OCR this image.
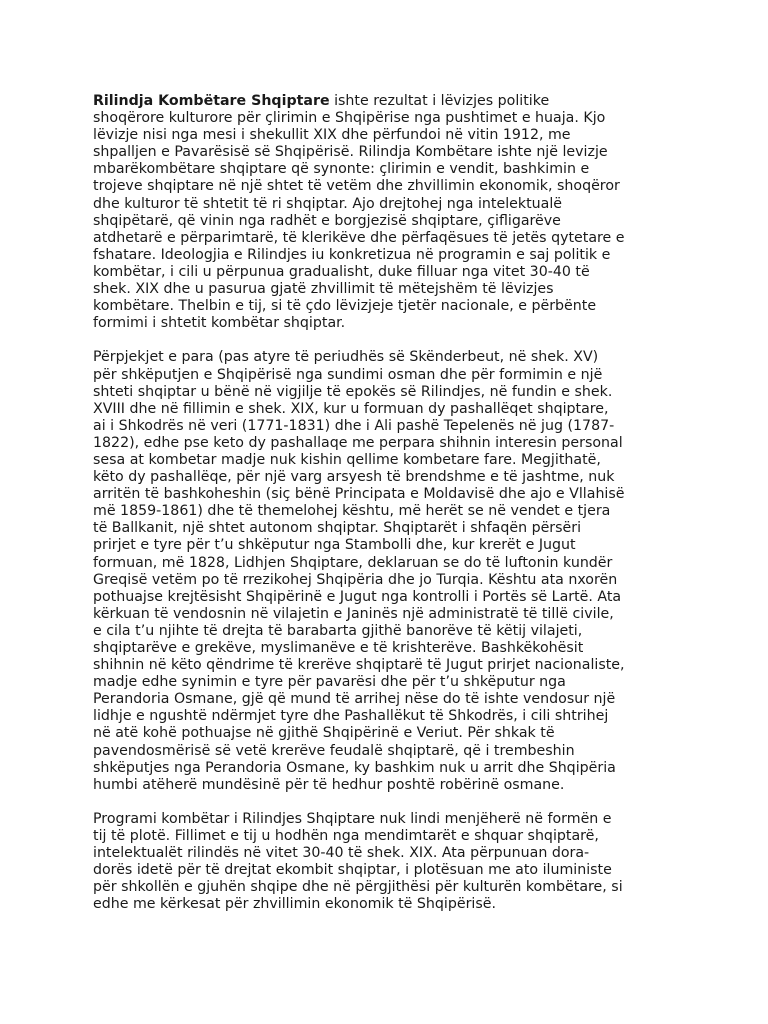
Rilindja Kombëtare Shqiptare ishte rezultat i lëvizjes politike
shoqërore kulturore për çlirimin e Shqipërise nga pushtimet e huaja. Kjo
lëvizje nisi nga mesi i shekullit XIX dhe përfundoi në vitin 1912, me
shpalljen e Pavarësisë së Shqipërisë. Rilindja Kombëtare ishte një levizje
mbarëkombëtare shqiptare që synonte: çlirimin e vendit, bashkimin e
trojeve shqiptare në një shtet të vetëm dhe zhvillimin ekonomik, shoqëror
dhe kulturor të shtetit të ri shqiptar. Ajo drejtohej nga intelektualë
shqipëtarë, që vinin nga radhët e borgjezisë shqiptare, çifligarëve
atdhetarë e përparimtarë, të klerikëve dhe përfaqësues të jetës qytetare e
fshatare. Ideologjia e Rilindjes iu konkretizua në programin e saj politik e
kombëtar, i cili u përpunua gradualisht, duke filluar nga vitet 30-40 të
shek. XIX dhe u pasurua gjatë zhvillimit të mëtejshëm të lëvizjes
kombëtare. Thelbin e tij, si të çdo lëvizjeje tjetër nacionale, e përbënte
formimi i shtetit kombëtar shqiptar.
Përpjekjet e para (pas atyre të periudhës së Skënderbeut, në shek. XV)
për shkëputjen e Shqipërisë nga sundimi osman dhe për formimin e një
shteti shqiptar u bënë në vigjilje të epokës së Rilindjes, në fundin e shek.
XVIII dhe në fillimin e shek. XIX, kur u formuan dy pashallëqet shqiptare,
ai i Shkodrës në veri (1771-1831) dhe i Ali pashë Tepelenës në jug (1787-
1822), edhe pse keto dy pashallaqe me perpara shihnin interesin personal
sesa at kombetar madje nuk kishin qellime kombetare fare. Megjithatë,
këto dy pashallëqe, për një varg arsyesh të brendshme e të jashtme, nuk
arritën të bashkoheshin (siç bënë Principata e Moldavisë dhe ajo e Vllahisë
më 1859-1861) dhe të themelohej kështu, më herët se në vendet e tjera
të Ballkanit, një shtet autonom shqiptar. Shqiptarët i shfaqën përsëri
prirjet e tyre për t’u shkëputur nga Stambolli dhe, kur krerët e Jugut
formuan, më 1828, Lidhjen Shqiptare, deklaruan se do të luftonin kundër
Greqisë vetëm po të rrezikohej Shqipëria dhe jo Turqia. Kështu ata nxorën
pothuajse krejtësisht Shqipërinë e Jugut nga kontrolli i Portës së Lartë. Ata
kërkuan të vendosnin në vilajetin e Janinës një administratë të tillë civile,
e cila t’u njihte të drejta të barabarta gjithë banorëve të këtij vilajeti,
shqiptarëve e grekëve, myslimanëve e të krishterëve. Bashkëkohësit
shihnin në këto qëndrime të krerëve shqiptarë të Jugut prirjet nacionaliste,
madje edhe synimin e tyre për pavarësi dhe për t’u shkëputur nga
Perandoria Osmane, gjë që mund të arrihej nëse do të ishte vendosur një
lidhje e ngushtë ndërmjet tyre dhe Pashallëkut të Shkodrës, i cili shtrihej
në atë kohë pothuajse në gjithë Shqipërinë e Veriut. Për shkak të
pavendosmërisë së vetë krerëve feudalë shqiptarë, që i trembeshin
shkëputjes nga Perandoria Osmane, ky bashkim nuk u arrit dhe Shqipëria
humbi atëherë mundësinë për të hedhur poshtë robërinë osmane.
Programi kombëtar i Rilindjes Shqiptare nuk lindi menjëherë në formën e
tij të plotë. Fillimet e tij u hodhën nga mendimtarët e shquar shqiptarë,
intelektualët rilindës në vitet 30-40 të shek. XIX. Ata përpunuan dora-
dorës idetë për të drejtat ekombit shqiptar, i plotësuan me ato iluministe
për shkollën e gjuhën shqipe dhe në përgjithësi për kulturën kombëtare, si
edhe me kërkesat për zhvillimin ekonomik të Shqipërisë.
